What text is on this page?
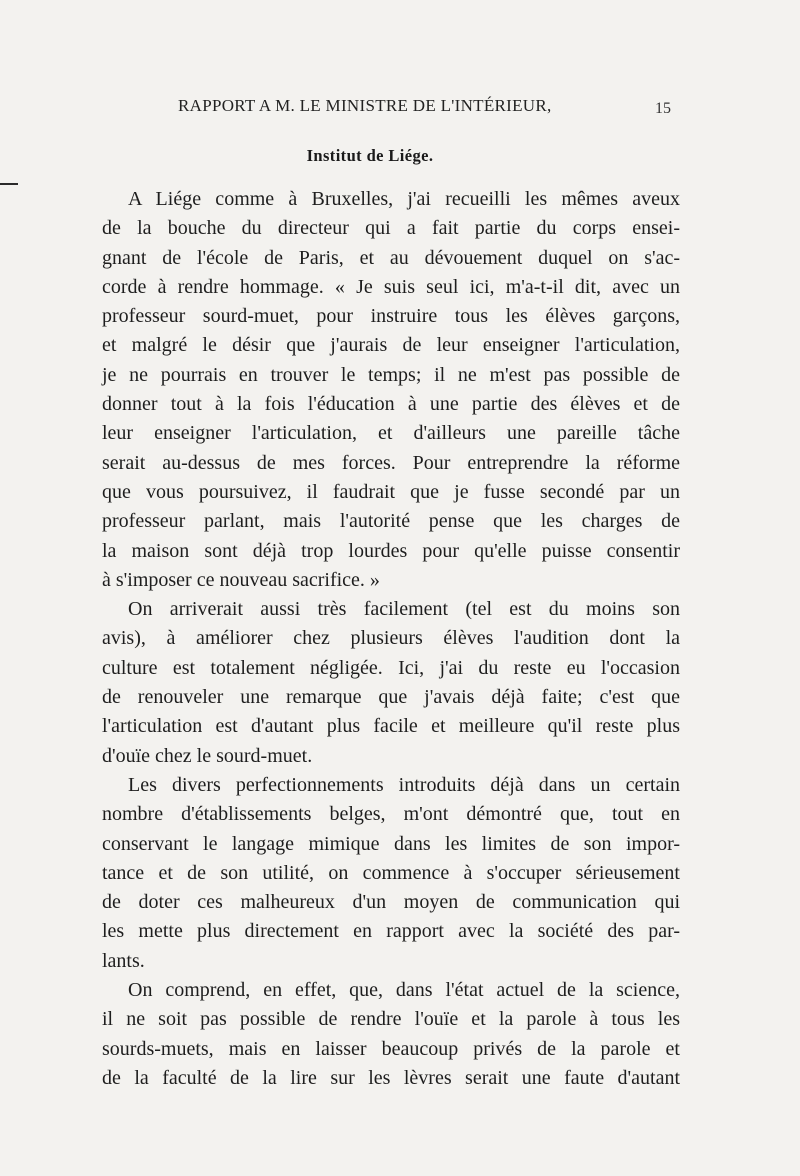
RAPPORT A M. LE MINISTRE DE L'INTÉRIEUR,	15
Institut de Liége.
A Liége comme à Bruxelles, j'ai recueilli les mêmes aveux
de la bouche du directeur qui a fait partie du corps ensei-
gnant de l'école de Paris, et au dévouement duquel on s'ac-
corde à rendre hommage. « Je suis seul ici, m'a-t-il dit, avec un
professeur sourd-muet, pour instruire tous les élèves garçons,
et malgré le désir que j'aurais de leur enseigner l'articulation,
je ne pourrais en trouver le temps; il ne m'est pas possible de
donner tout à la fois l'éducation à une partie des élèves et de
leur enseigner l'articulation, et d'ailleurs une pareille tâche
serait au-dessus de mes forces. Pour entreprendre la réforme
que vous poursuivez, il faudrait que je fusse secondé par un
professeur parlant, mais l'autorité pense que les charges de
la maison sont déjà trop lourdes pour qu'elle puisse consentir
à s'imposer ce nouveau sacrifice. »
On arriverait aussi très facilement (tel est du moins son
avis), à améliorer chez plusieurs élèves l'audition dont la
culture est totalement négligée. Ici, j'ai du reste eu l'occasion
de renouveler une remarque que j'avais déjà faite; c'est que
l'articulation est d'autant plus facile et meilleure qu'il reste plus
d'ouïe chez le sourd-muet.
Les divers perfectionnements introduits déjà dans un certain
nombre d'établissements belges, m'ont démontré que, tout en
conservant le langage mimique dans les limites de son impor-
tance et de son utilité, on commence à s'occuper sérieusement
de doter ces malheureux d'un moyen de communication qui
les mette plus directement en rapport avec la société des par-
lants.
On comprend, en effet, que, dans l'état actuel de la science,
il ne soit pas possible de rendre l'ouïe et la parole à tous les
sourds-muets, mais en laisser beaucoup privés de la parole et
de la faculté de la lire sur les lèvres serait une faute d'autant
